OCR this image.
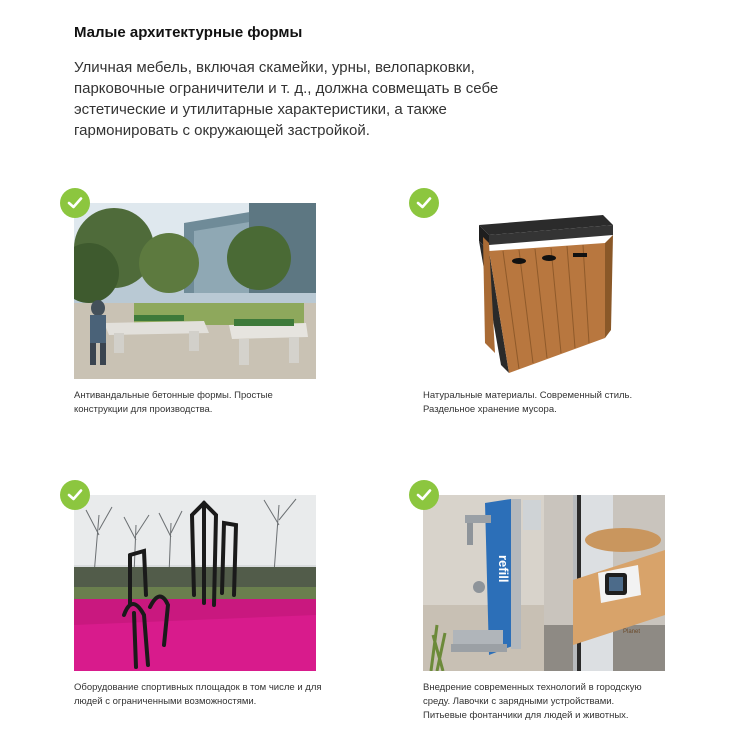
Малые архитектурные формы
Уличная мебель, включая скамейки, урны, велопарковки, парковочные ограничители и т. д., должна совмещать в себе эстетические и утилитарные характеристики, а также гармонировать с окружающей застройкой.
Антивандальные бетонные формы. Простые конструкции для производства.
Натуральные материалы. Современный стиль. Раздельное хранение мусора.
Оборудование спортивных площадок в том числе и для людей с ограниченными возможностями.
refill
Planet
Внедрение современных технологий в городскую среду. Лавочки с зарядными устройствами. Питьевые фонтанчики для людей и животных.
